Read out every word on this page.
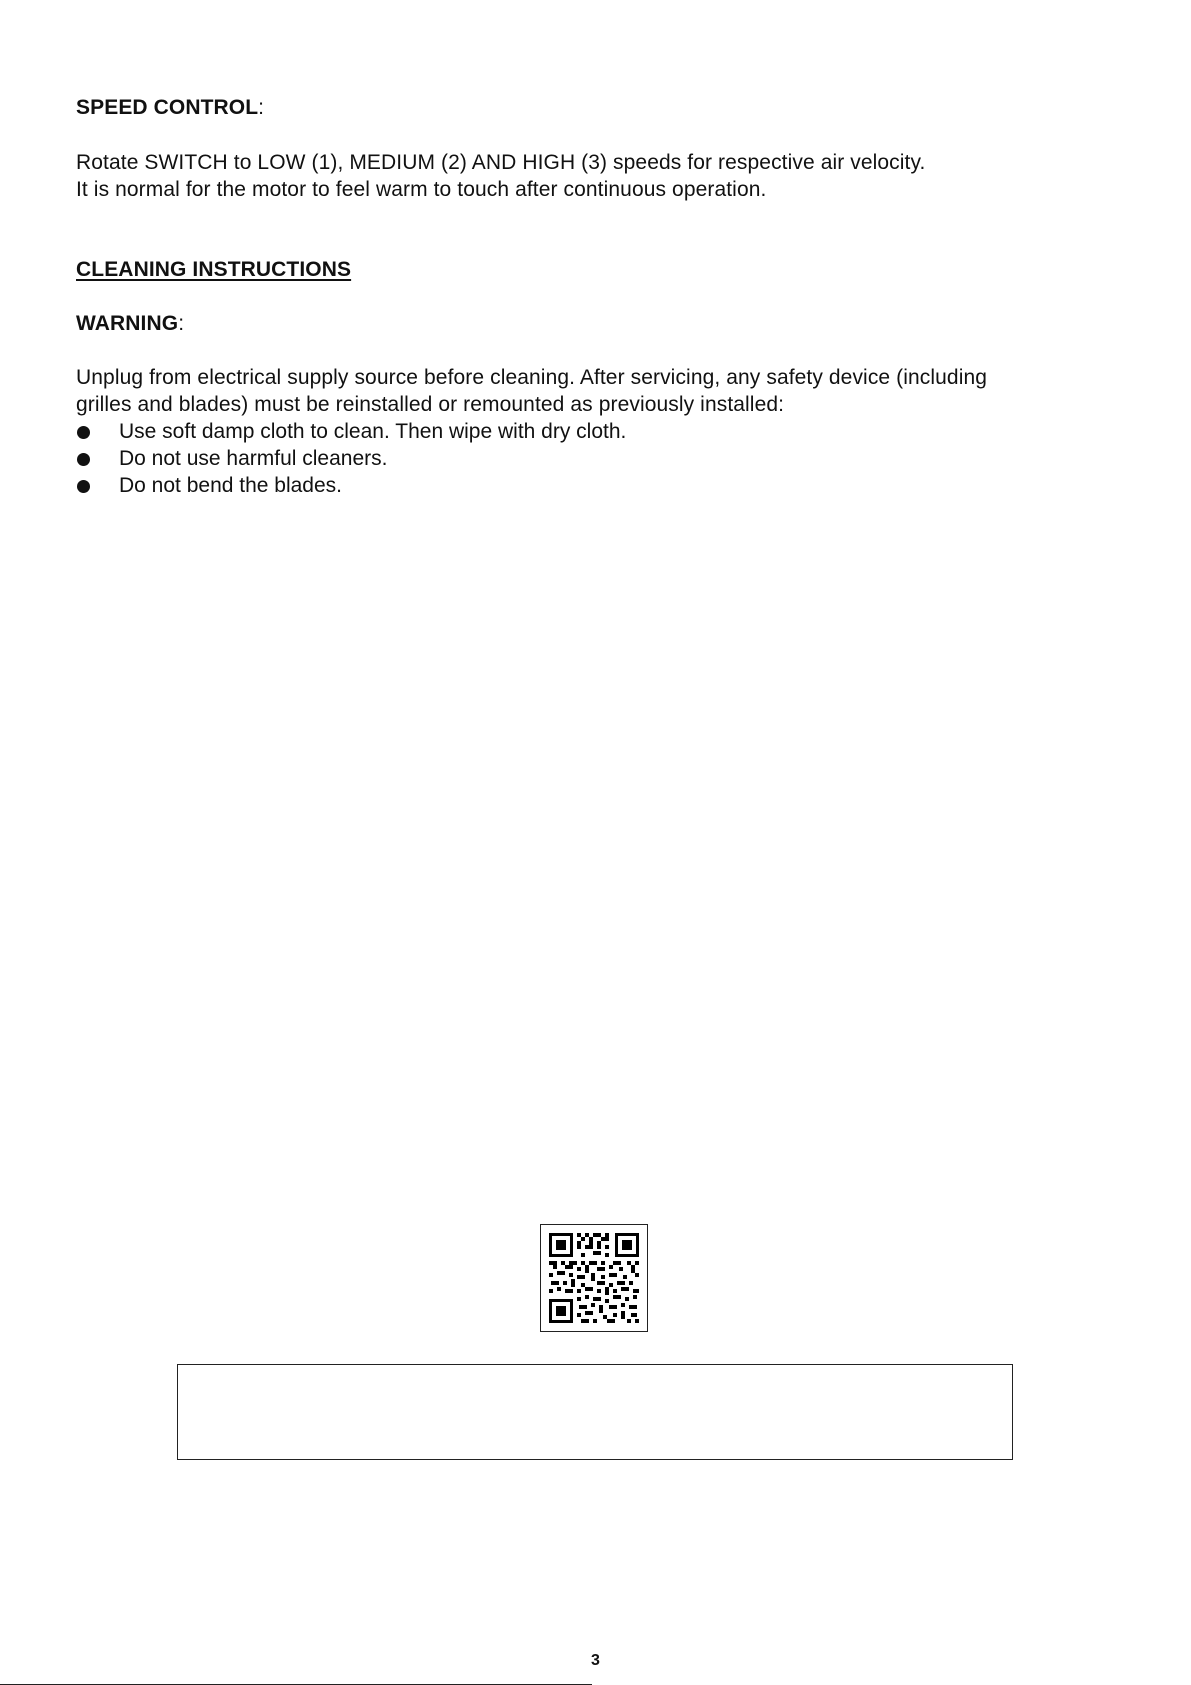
SPEED CONTROL:
Rotate SWITCH to LOW (1), MEDIUM (2) AND HIGH (3) speeds for respective air velocity.
It is normal for the motor to feel warm to touch after continuous operation.
CLEANING INSTRUCTIONS
WARNING:
Unplug from electrical supply source before cleaning. After servicing, any safety device (including
grilles and blades) must be reinstalled or remounted as previously installed:
Use soft damp cloth to clean. Then wipe with dry cloth.
Do not use harmful cleaners.
Do not bend the blades.
3
